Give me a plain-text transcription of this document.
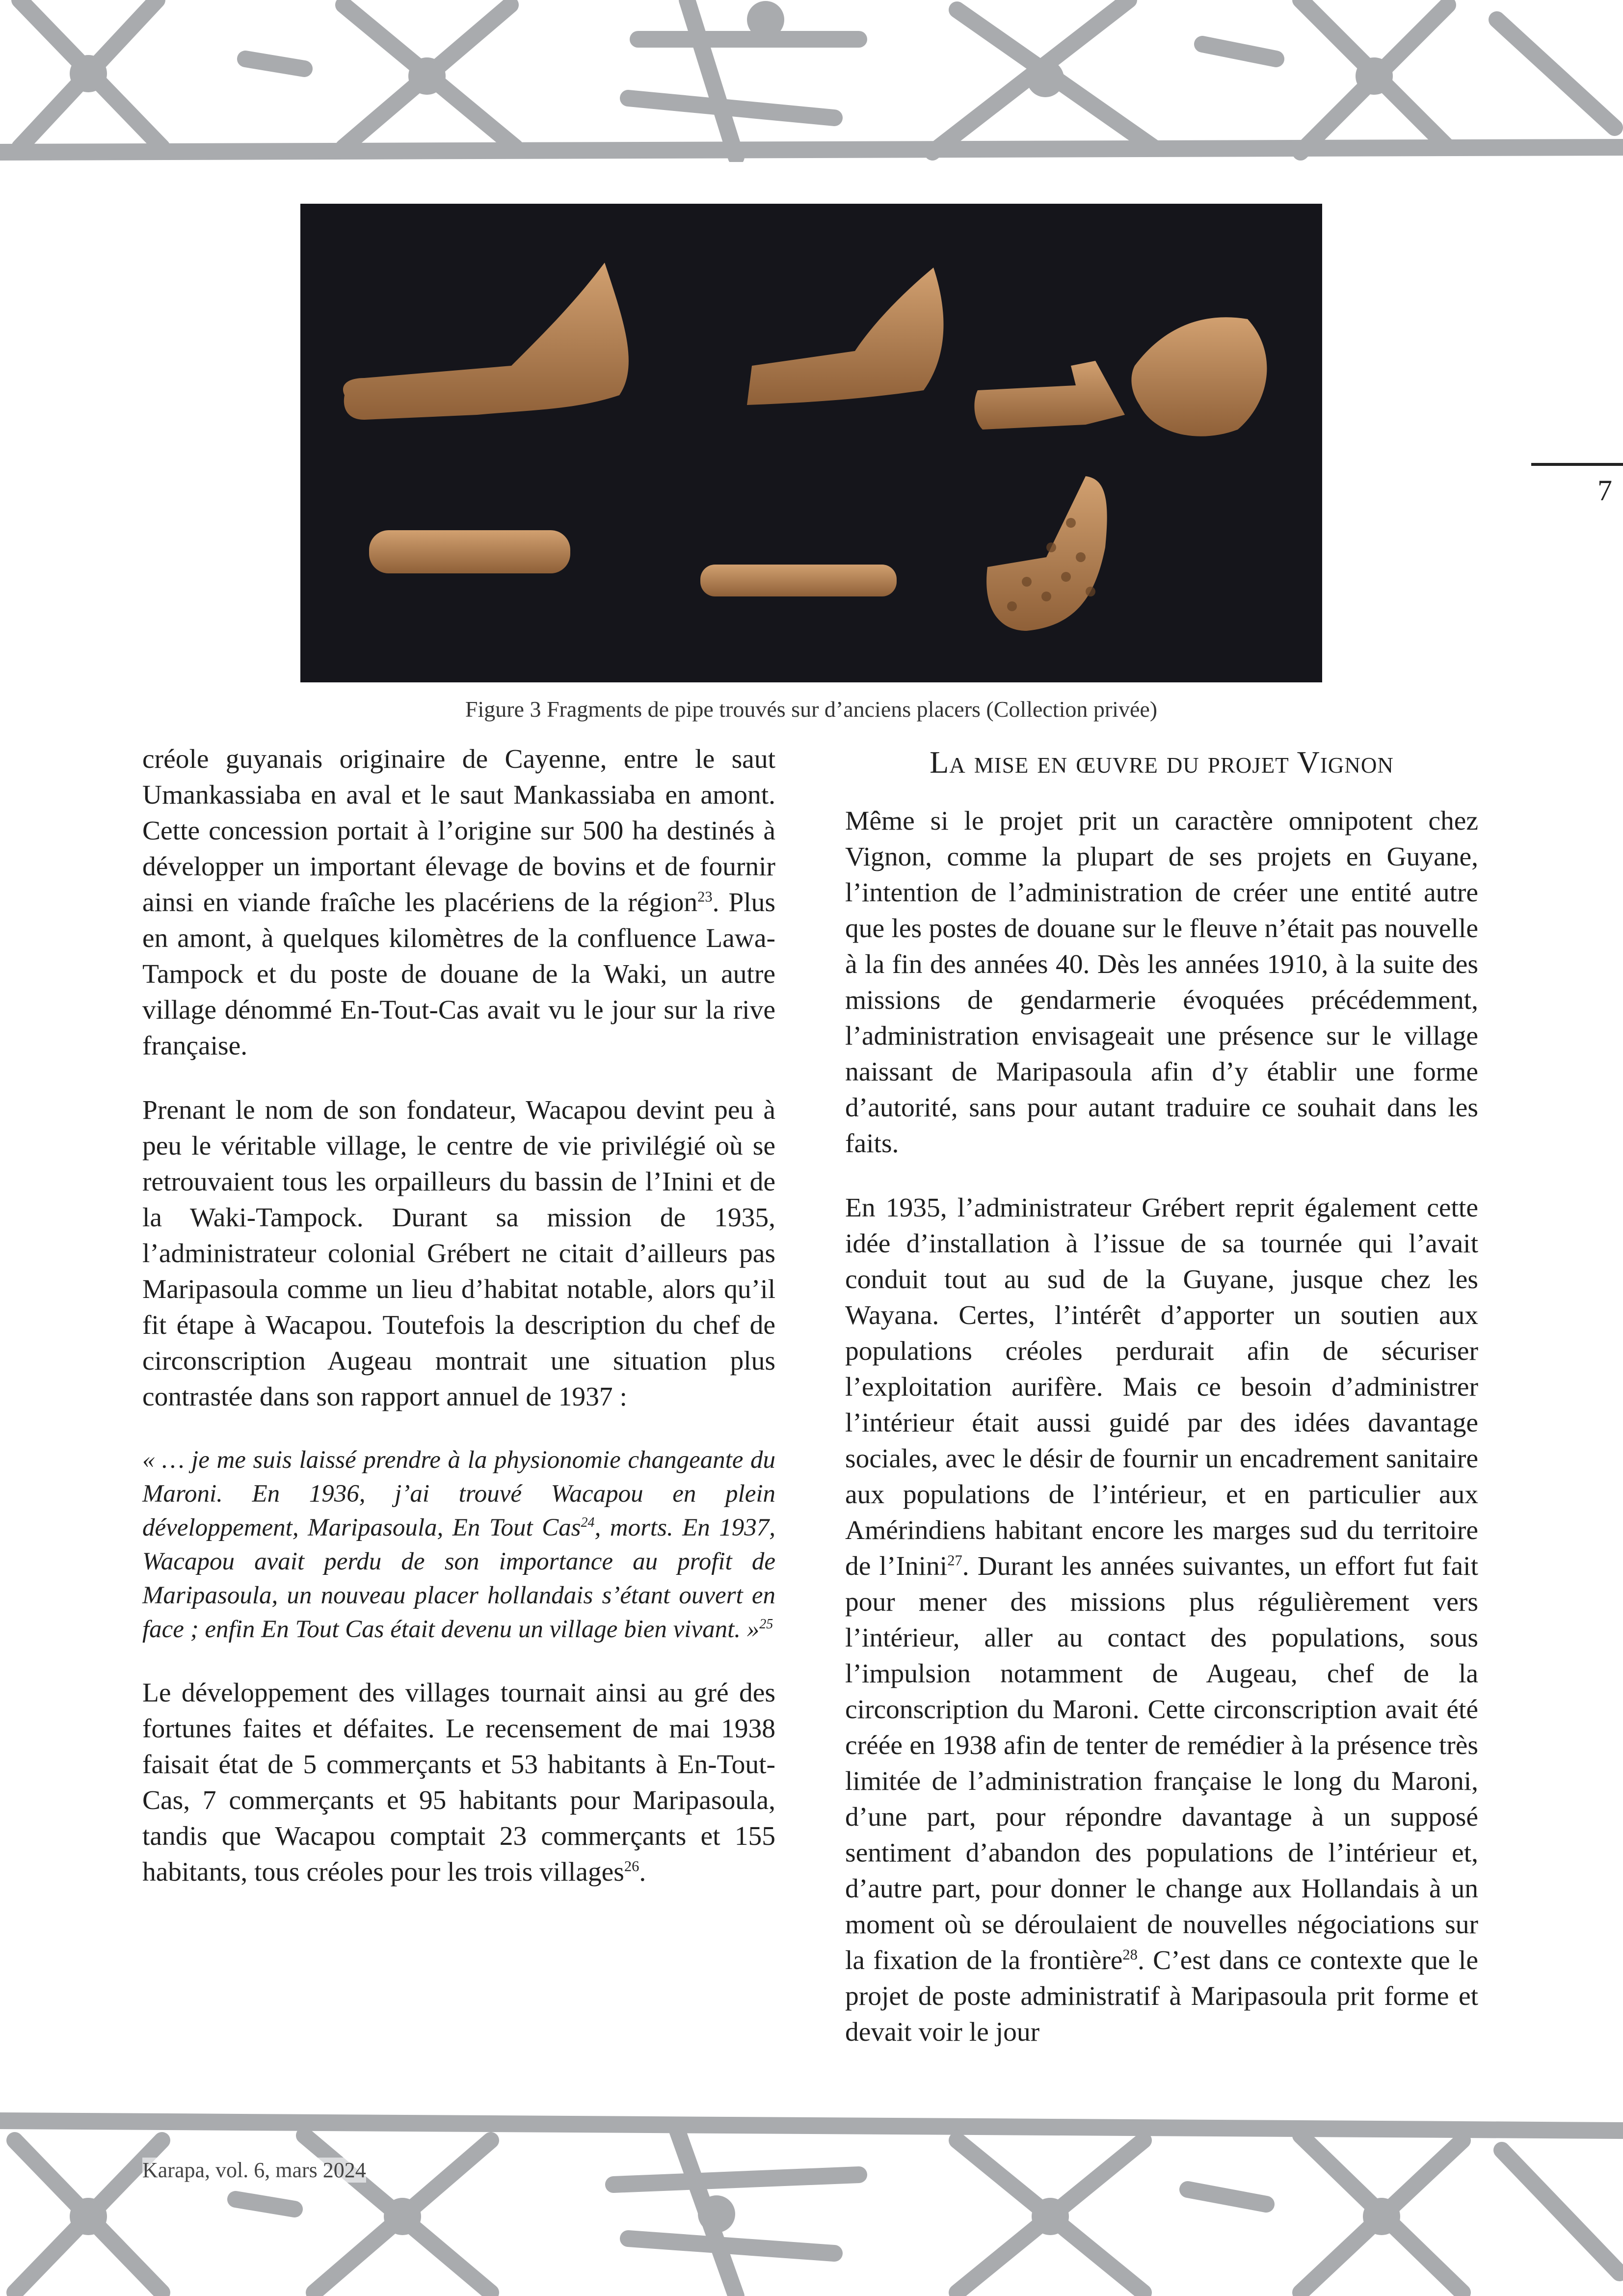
7
Figure 3 Fragments de pipe trouvés sur d’anciens placers (Collection privée)

créole guyanais originaire de Cayenne, entre le saut Umankassiaba en aval et le saut Mankassiaba en amont. Cette concession portait à l’origine sur 500 ha destinés à développer un important élevage de bovins et de fournir ainsi en viande fraîche les placériens de la région$^{23}$. Plus en amont, à quelques kilomètres de la confluence Lawa-Tampock et du poste de douane de la Waki, un autre village dénommé En-Tout-Cas avait vu le jour sur la rive française.

Prenant le nom de son fondateur, Wacapou devint peu à peu le véritable village, le centre de vie privilégié où se retrouvaient tous les orpailleurs du bassin de l’Inini et de la Waki-Tampock. Durant sa mission de 1935, l’administrateur colonial Grébert ne citait d’ailleurs pas Maripasoula comme un lieu d’habitat notable, alors qu’il fit étape à Wacapou. Toutefois la description du chef de circonscription Augeau montrait une situation plus contrastée dans son rapport annuel de 1937 :

« … je me suis laissé prendre à la physionomie changeante du Maroni. En 1936, j’ai trouvé Wacapou en plein développement, Maripasoula, En Tout Cas$^{24}$, morts. En 1937, Wacapou avait perdu de son importance au profit de Maripasoula, un nouveau placer hollandais s’étant ouvert en face ; enfin En Tout Cas était devenu un village bien vivant. »$^{25}$

Le développement des villages tournait ainsi au gré des fortunes faites et défaites. Le recensement de mai 1938 faisait état de 5 commerçants et 53 habitants à En-Tout-Cas, 7 commerçants et 95 habitants pour Maripasoula, tandis que Wacapou comptait 23 commerçants et 155 habitants, tous créoles pour les trois villages$^{26}$.

La mise en œuvre du projet Vignon

Même si le projet prit un caractère omnipotent chez Vignon, comme la plupart de ses projets en Guyane, l’intention de l’administration de créer une entité autre que les postes de douane sur le fleuve n’était pas nouvelle à la fin des années 40. Dès les années 1910, à la suite des missions de gendarmerie évoquées précédemment, l’administration envisageait une présence sur le village naissant de Maripasoula afin d’y établir une forme d’autorité, sans pour autant traduire ce souhait dans les faits.

En 1935, l’administrateur Grébert reprit également cette idée d’installation à l’issue de sa tournée qui l’avait conduit tout au sud de la Guyane, jusque chez les Wayana. Certes, l’intérêt d’apporter un soutien aux populations créoles perdurait afin de sécuriser l’exploitation aurifère. Mais ce besoin d’administrer l’intérieur était aussi guidé par des idées davantage sociales, avec le désir de fournir un encadrement sanitaire aux populations de l’intérieur, et en particulier aux Amérindiens habitant encore les marges sud du territoire de l’Inini$^{27}$. Durant les années suivantes, un effort fut fait pour mener des missions plus régulièrement vers l’intérieur, aller au contact des populations, sous l’impulsion notamment de Augeau, chef de la circonscription du Maroni. Cette circonscription avait été créée en 1938 afin de tenter de remédier à la présence très limitée de l’administration française le long du Maroni, d’une part, pour répondre davantage à un supposé sentiment d’abandon des populations de l’intérieur et, d’autre part, pour donner le change aux Hollandais à un moment où se déroulaient de nouvelles négociations sur la fixation de la frontière$^{28}$. C’est dans ce contexte que le projet de poste administratif à Maripasoula prit forme et devait voir le jour

Karapa, vol. 6, mars 2024
